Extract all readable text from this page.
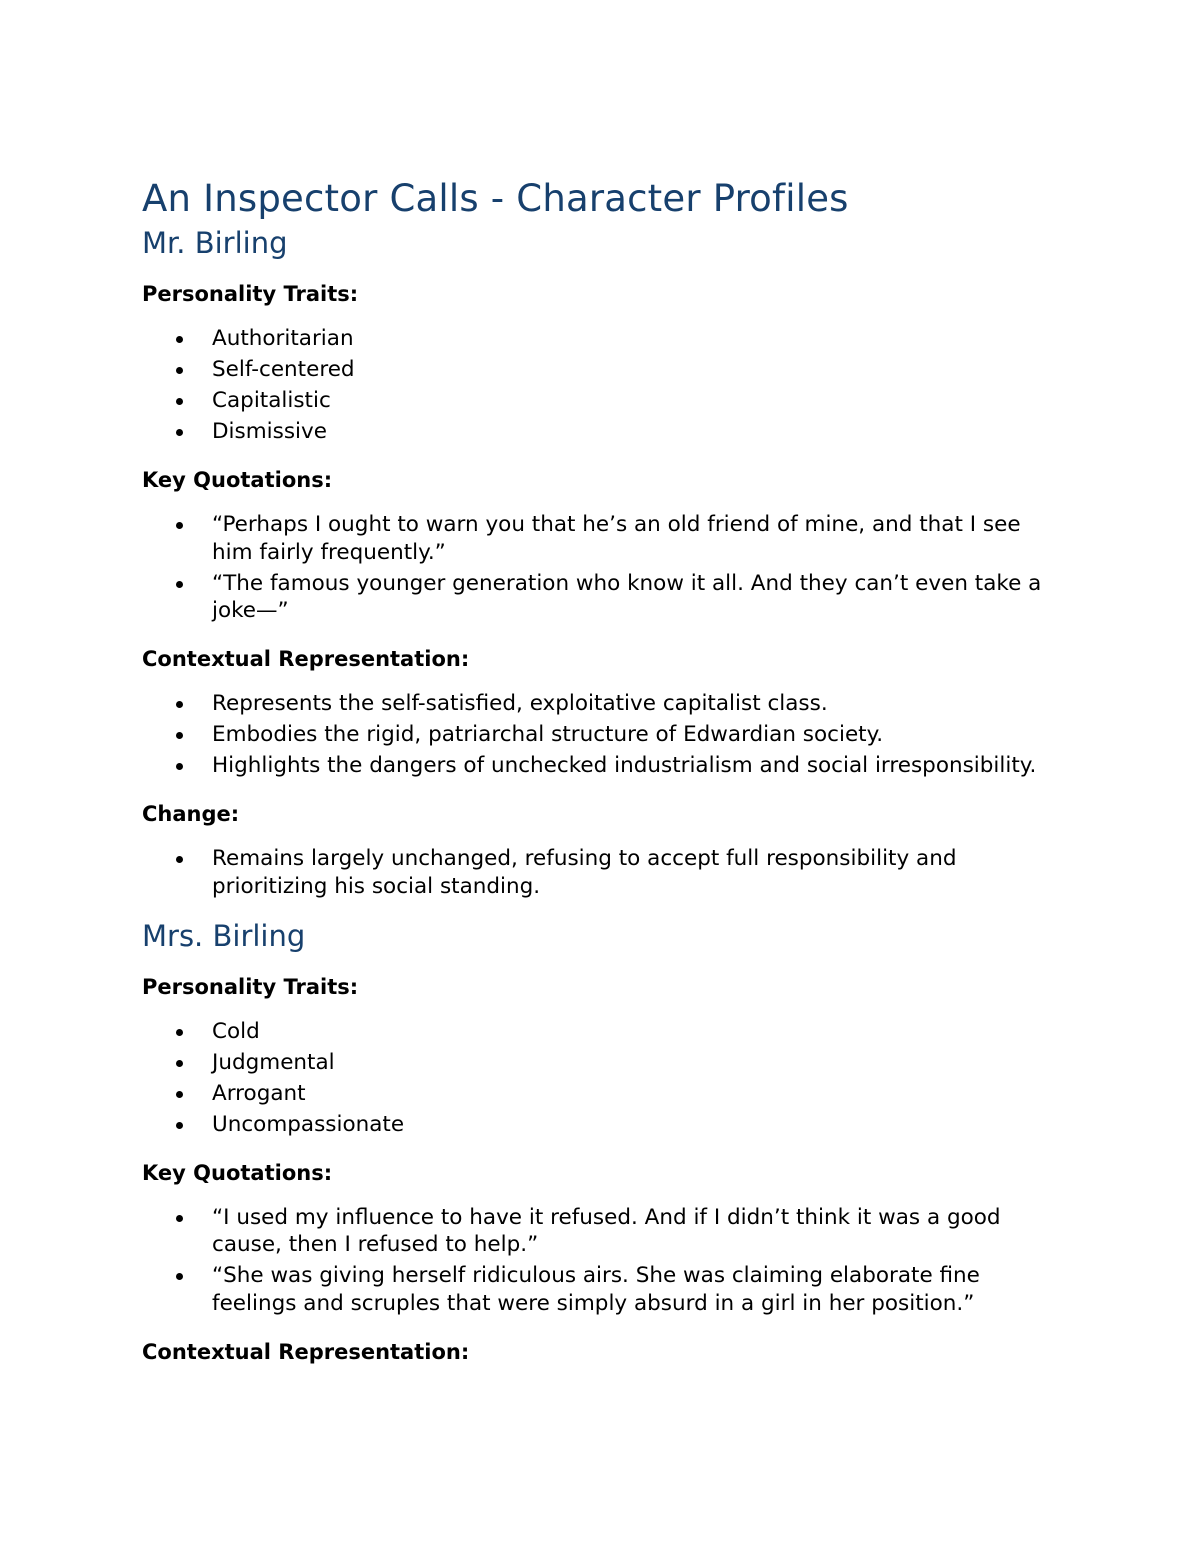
An Inspector Calls - Character Profiles
Mr. Birling

Personality Traits:

Authoritarian
Self-centered
Capitalistic
Dismissive

Key Quotations:

“Perhaps I ought to warn you that he’s an old friend of mine, and that I see him fairly frequently.”
“The famous younger generation who know it all. And they can’t even take a joke—”

Contextual Representation:

Represents the self-satisfied, exploitative capitalist class.
Embodies the rigid, patriarchal structure of Edwardian society.
Highlights the dangers of unchecked industrialism and social irresponsibility.

Change:

Remains largely unchanged, refusing to accept full responsibility and prioritizing his social standing.
Mrs. Birling

Personality Traits:

Cold
Judgmental
Arrogant
Uncompassionate

Key Quotations:

“I used my influence to have it refused. And if I didn’t think it was a good cause, then I refused to help.”
“She was giving herself ridiculous airs. She was claiming elaborate fine feelings and scruples that were simply absurd in a girl in her position.”

Contextual Representation:
